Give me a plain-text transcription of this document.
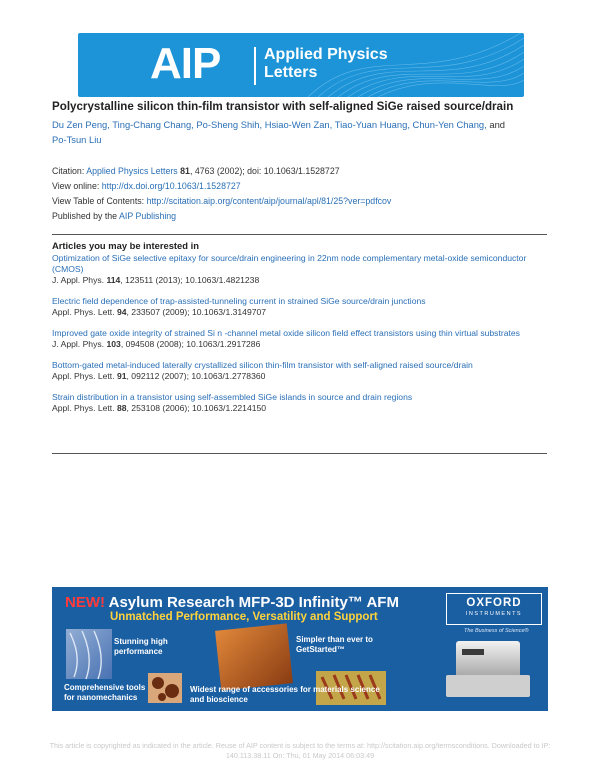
AIP	Applied Physics
Letters
Polycrystalline silicon thin-film transistor with self-aligned SiGe raised source/drain
Du Zen Peng, Ting-Chang Chang, Po-Sheng Shih, Hsiao-Wen Zan, Tiao-Yuan Huang, Chun-Yen Chang, and
Po-Tsun Liu
Citation: Applied Physics Letters 81, 4763 (2002); doi: 10.1063/1.1528727
View online: http://dx.doi.org/10.1063/1.1528727
View Table of Contents: http://scitation.aip.org/content/aip/journal/apl/81/25?ver=pdfcov
Published by the AIP Publishing
Articles you may be interested in
Optimization of SiGe selective epitaxy for source/drain engineering in 22nm node complementary metal-oxide semiconductor (CMOS)
J. Appl. Phys. 114, 123511 (2013); 10.1063/1.4821238
Electric field dependence of trap-assisted-tunneling current in strained SiGe source/drain junctions
Appl. Phys. Lett. 94, 233507 (2009); 10.1063/1.3149707
Improved gate oxide integrity of strained Si n -channel metal oxide silicon field effect transistors using thin virtual substrates
J. Appl. Phys. 103, 094508 (2008); 10.1063/1.2917286
Bottom-gated metal-induced laterally crystallized silicon thin-film transistor with self-aligned raised source/drain
Appl. Phys. Lett. 91, 092112 (2007); 10.1063/1.2778360
Strain distribution in a transistor using self-assembled SiGe islands in source and drain regions
Appl. Phys. Lett. 88, 253108 (2006); 10.1063/1.2214150
NEW! Asylum Research MFP-3D Infinity™ AFM
Unmatched Performance, Versatility and Support
OXFORD
INSTRUMENTS
The Business of Science®
Stunning high performance
Simpler than ever to GetStarted™
Comprehensive tools for nanomechanics
Widest range of accessories for materials science and bioscience
This article is copyrighted as indicated in the article. Reuse of AIP content is subject to the terms at: http://scitation.aip.org/termsconditions. Downloaded to IP:
140.113.38.11 On: Thu, 01 May 2014 06:03:49
